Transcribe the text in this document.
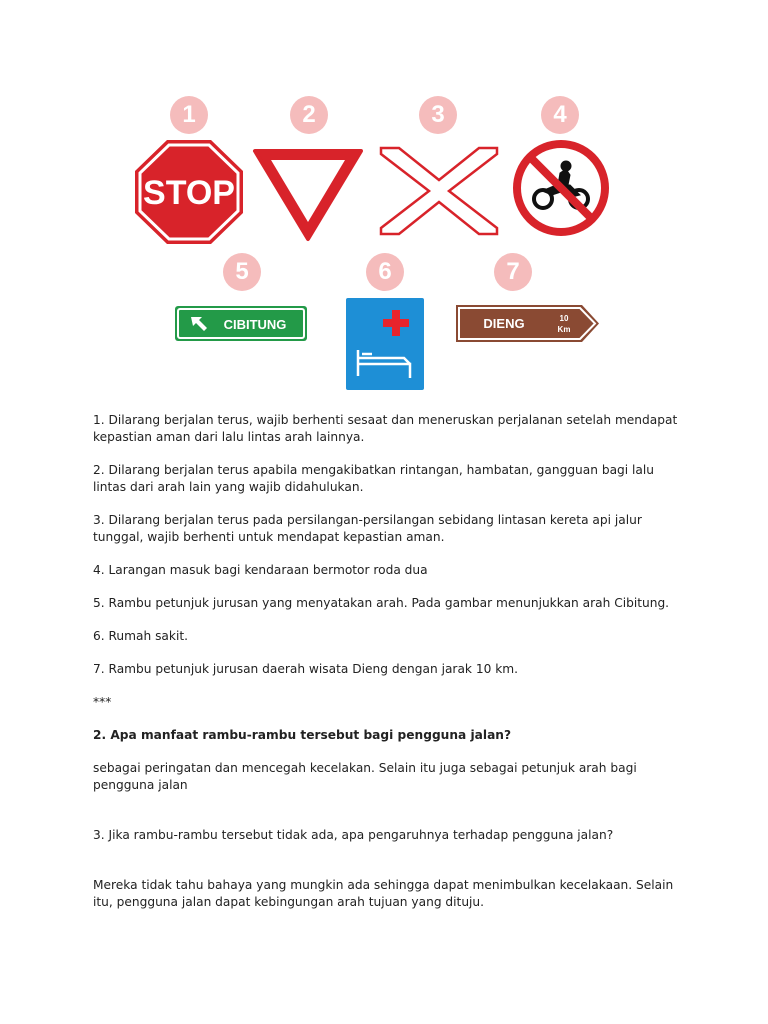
1	2	3	4
5	6	7
STOP
CIBITUNG	DIENG	10
Km

1. Dilarang berjalan terus, wajib berhenti sesaat dan meneruskan perjalanan setelah mendapat kepastian aman dari lalu lintas arah lainnya.

2. Dilarang berjalan terus apabila mengakibatkan rintangan, hambatan, gangguan bagi lalu lintas dari arah lain yang wajib didahulukan.

3. Dilarang berjalan terus pada persilangan-persilangan sebidang lintasan kereta api jalur tunggal, wajib berhenti untuk mendapat kepastian aman.

4. Larangan masuk bagi kendaraan bermotor roda dua

5. Rambu petunjuk jurusan yang menyatakan arah. Pada gambar menunjukkan arah Cibitung.

6. Rumah sakit.

7. Rambu petunjuk jurusan daerah wisata Dieng dengan jarak 10 km.

***

2. Apa manfaat rambu-rambu tersebut bagi pengguna jalan?

sebagai peringatan dan mencegah kecelakan. Selain itu juga sebagai petunjuk arah bagi pengguna jalan

3. Jika rambu-rambu tersebut tidak ada, apa pengaruhnya terhadap pengguna jalan?

Mereka tidak tahu bahaya yang mungkin ada sehingga dapat menimbulkan kecelakaan. Selain itu, pengguna jalan dapat kebingungan arah tujuan yang dituju.
